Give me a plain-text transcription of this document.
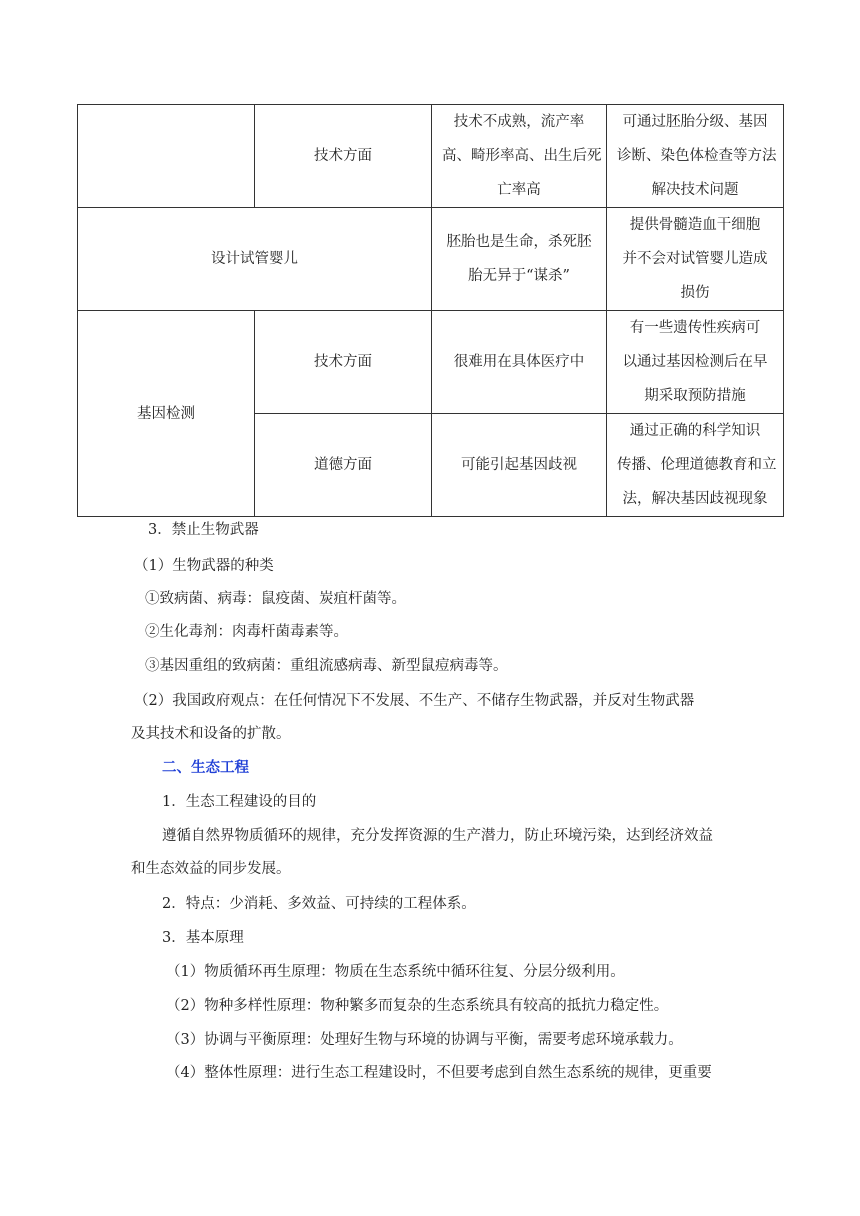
	技术方面	技术不成熟，流产率
高、畸形率高、出生后死
亡率高	可通过胚胎分级、基因
诊断、染色体检查等方法
解决技术问题

设计试管婴儿		胚胎也是生命，杀死胚
胎无异于“谋杀”	提供骨髓造血干细胞
并不会对试管婴儿造成
损伤

基因检测	技术方面	很难用在具体医疗中	有一些遗传性疾病可
以通过基因检测后在早
期采取预防措施

	道德方面	可能引起基因歧视	通过正确的科学知识
传播、伦理道德教育和立
法，解决基因歧视现象
3．禁止生物武器
（1）生物武器的种类
①致病菌、病毒：鼠疫菌、炭疽杆菌等。
②生化毒剂：肉毒杆菌毒素等。
③基因重组的致病菌：重组流感病毒、新型鼠痘病毒等。
（2）我国政府观点：在任何情况下不发展、不生产、不储存生物武器，并反对生物武器
及其技术和设备的扩散。
二、生态工程
1．生态工程建设的目的
遵循自然界物质循环的规律，充分发挥资源的生产潜力，防止环境污染，达到经济效益
和生态效益的同步发展。
2．特点：少消耗、多效益、可持续的工程体系。
3．基本原理
（1）物质循环再生原理：物质在生态系统中循环往复、分层分级利用。
（2）物种多样性原理：物种繁多而复杂的生态系统具有较高的抵抗力稳定性。
（3）协调与平衡原理：处理好生物与环境的协调与平衡，需要考虑环境承载力。
（4）整体性原理：进行生态工程建设时，不但要考虑到自然生态系统的规律，更重要
